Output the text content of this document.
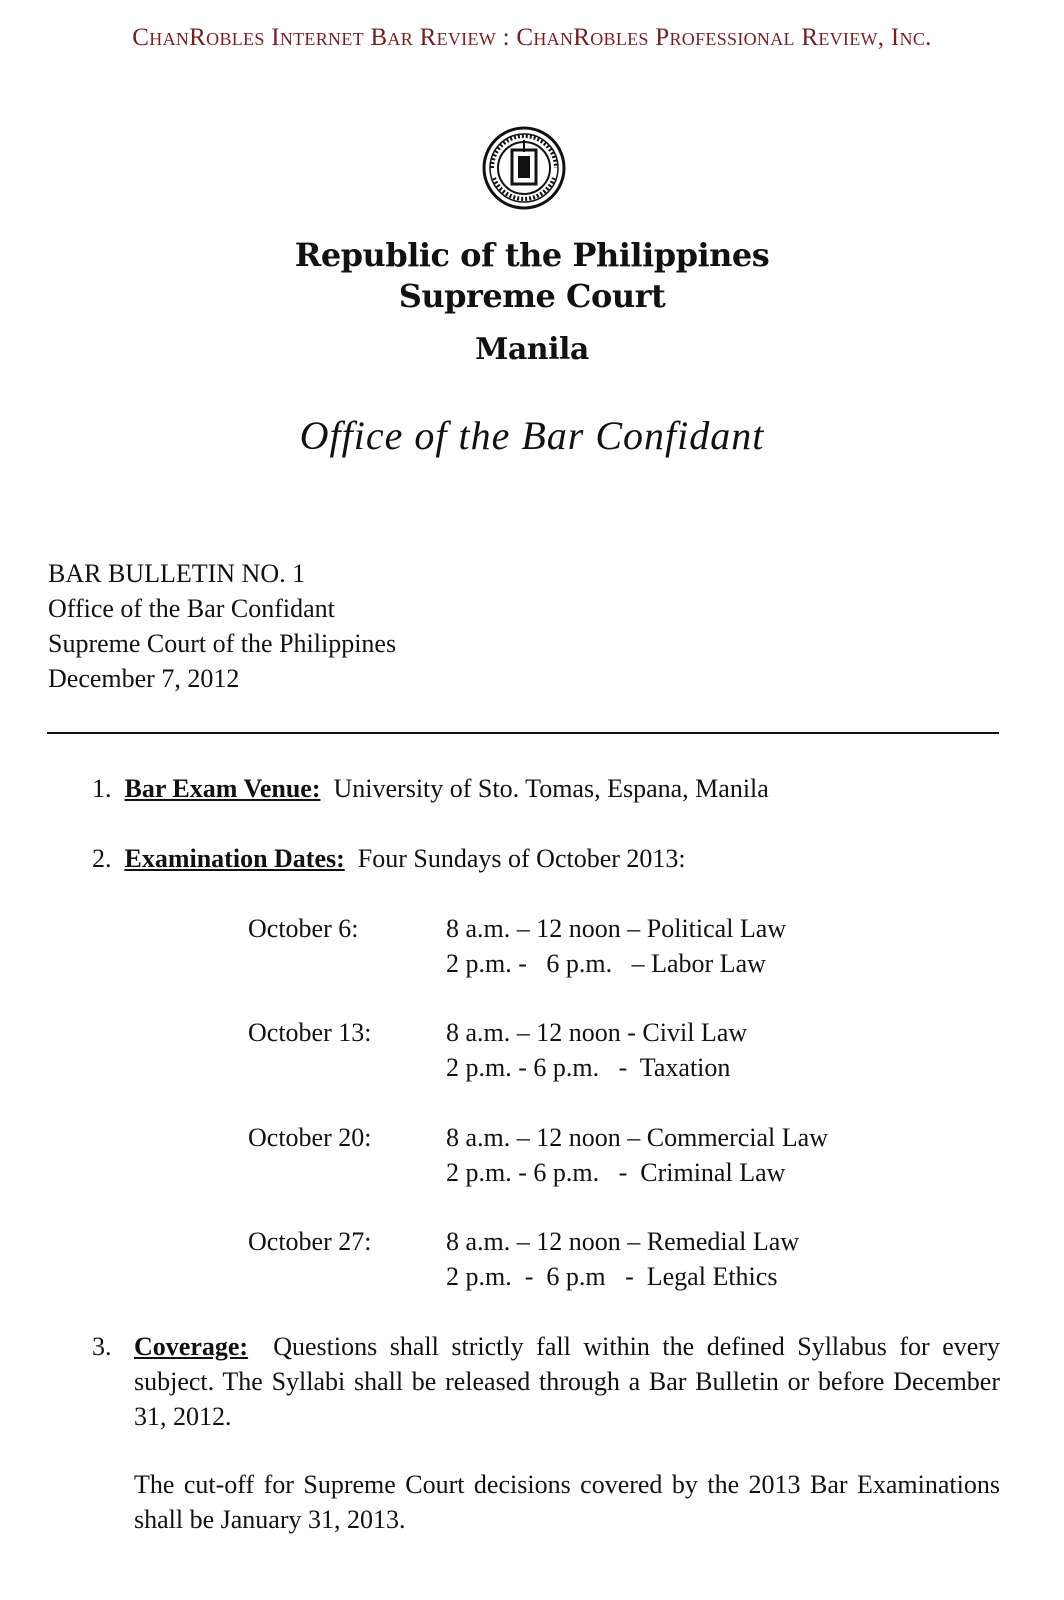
ChanRobles Internet Bar Review : ChanRobles Professional Review, Inc.
Republic of the Philippines
Supreme Court
Manila
Office of the Bar Confidant
BAR BULLETIN NO. 1
Office of the Bar Confidant
Supreme Court of the Philippines
December 7, 2012
1. Bar Exam Venue: University of Sto. Tomas, Espana, Manila
2. Examination Dates: Four Sundays of October 2013:
October 6:	8 a.m. – 12 noon – Political Law
2 p.m. -   6 p.m.   – Labor Law
October 13:	8 a.m. – 12 noon - Civil Law
2 p.m. - 6 p.m.   -  Taxation
October 20:	8 a.m. – 12 noon – Commercial Law
2 p.m. - 6 p.m.   -  Criminal Law
October 27:	8 a.m. – 12 noon – Remedial Law
2 p.m.  -  6 p.m   -  Legal Ethics
3. Coverage: Questions shall strictly fall within the defined Syllabus for every subject. The Syllabi shall be released through a Bar Bulletin or before December 31, 2012.
The cut-off for Supreme Court decisions covered by the 2013 Bar Examinations shall be January 31, 2013.
